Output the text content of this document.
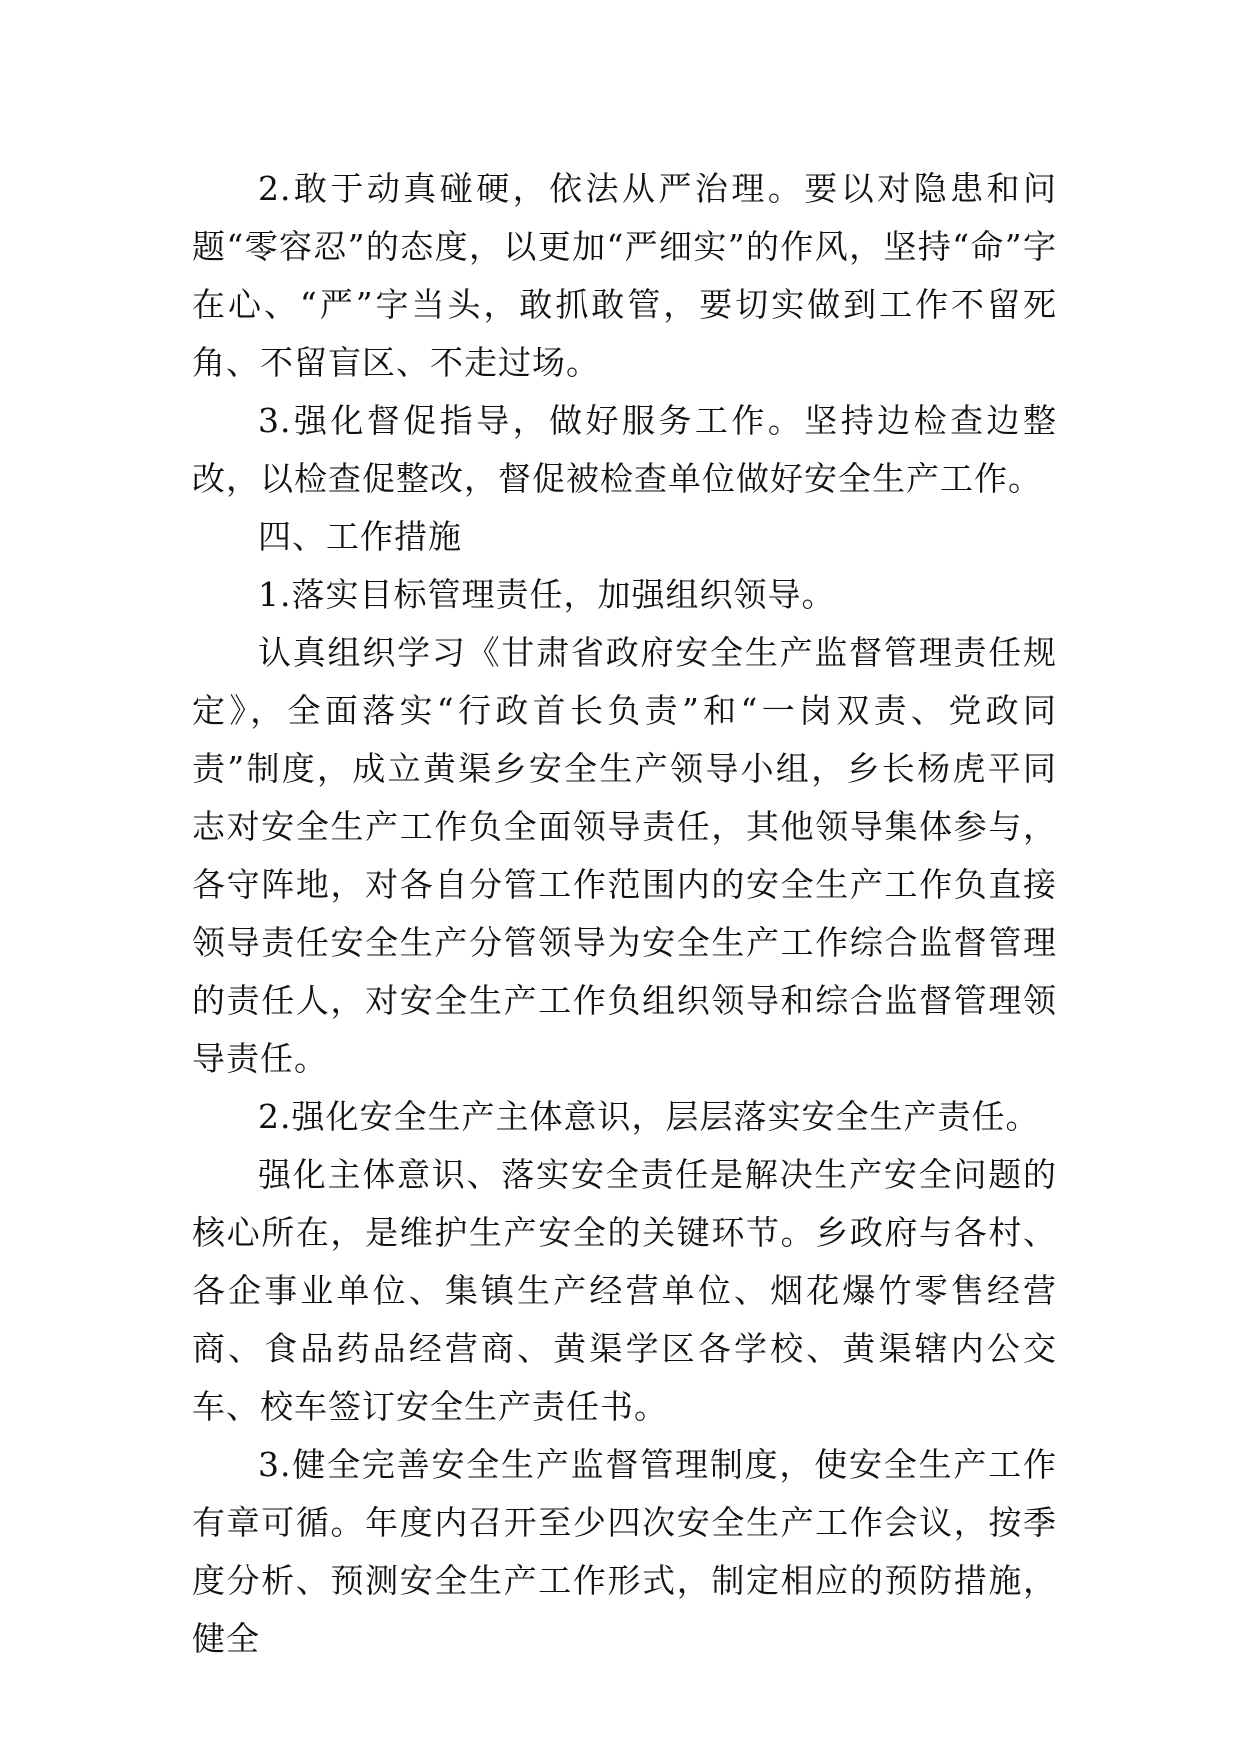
2.敢于动真碰硬，依法从严治理。要以对隐患和问题“零容忍”的态度，以更加“严细实”的作风，坚持“命”字在心、“严”字当头，敢抓敢管，要切实做到工作不留死角、不留盲区、不走过场。

3.强化督促指导，做好服务工作。坚持边检查边整改，以检查促整改，督促被检查单位做好安全生产工作。

四、工作措施

1.落实目标管理责任，加强组织领导。

认真组织学习《甘肃省政府安全生产监督管理责任规定》，全面落实“行政首长负责”和“一岗双责、党政同责”制度，成立黄渠乡安全生产领导小组，乡长杨虎平同志对安全生产工作负全面领导责任，其他领导集体参与，各守阵地，对各自分管工作范围内的安全生产工作负直接领导责任安全生产分管领导为安全生产工作综合监督管理的责任人，对安全生产工作负组织领导和综合监督管理领导责任。

2.强化安全生产主体意识，层层落实安全生产责任。

强化主体意识、落实安全责任是解决生产安全问题的核心所在，是维护生产安全的关键环节。乡政府与各村、各企事业单位、集镇生产经营单位、烟花爆竹零售经营商、食品药品经营商、黄渠学区各学校、黄渠辖内公交车、校车签订安全生产责任书。

3.健全完善安全生产监督管理制度，使安全生产工作有章可循。年度内召开至少四次安全生产工作会议，按季度分析、预测安全生产工作形式，制定相应的预防措施，健全
